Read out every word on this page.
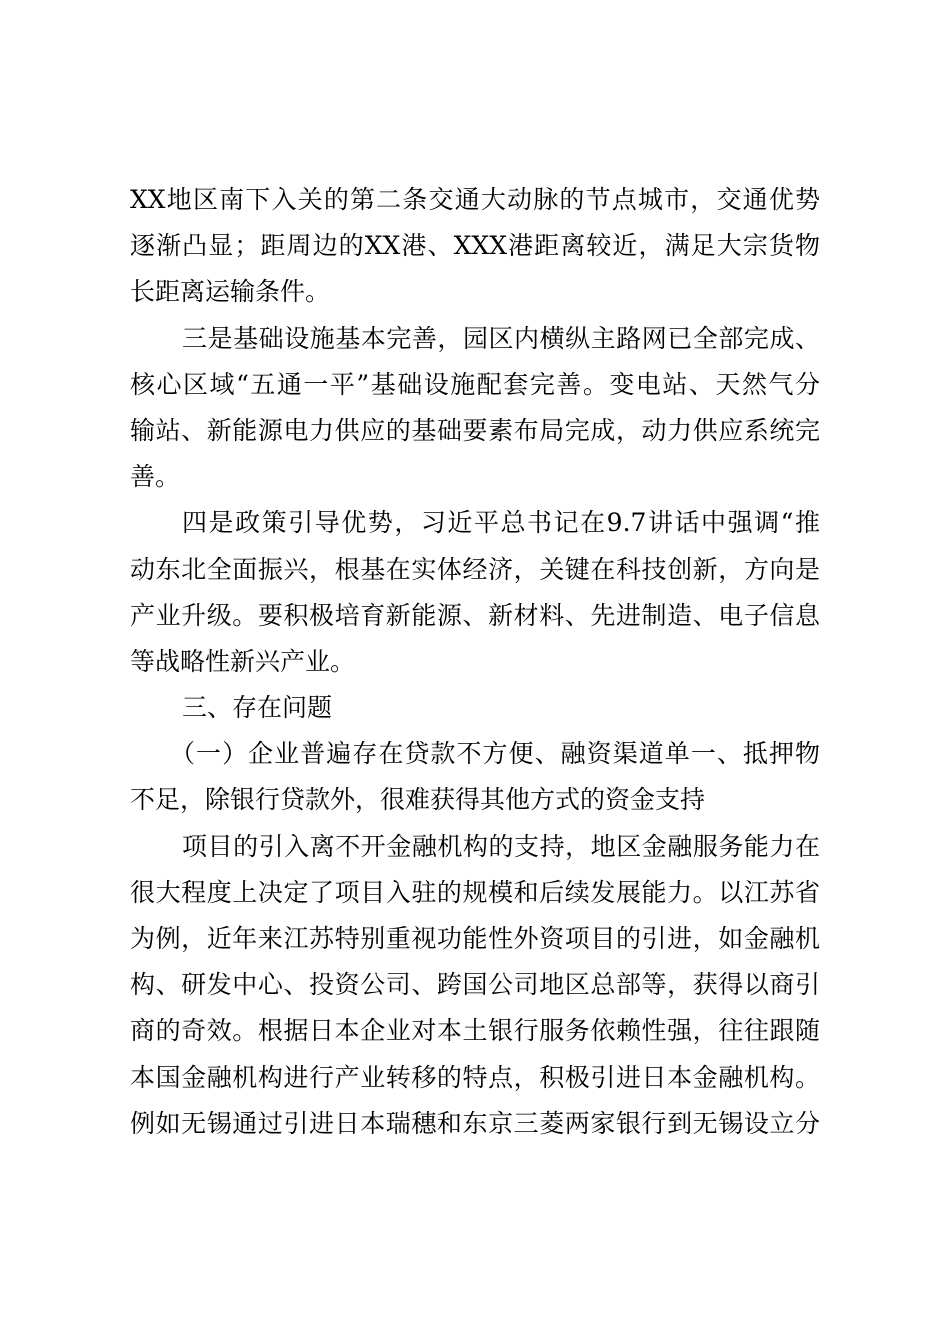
XX地区南下入关的第二条交通大动脉的节点城市，交通优势
逐渐凸显；距周边的XX港、XXX港距离较近，满足大宗货物
长距离运输条件。
三是基础设施基本完善，园区内横纵主路网已全部完成、
核心区域“五通一平”基础设施配套完善。变电站、天然气分
输站、新能源电力供应的基础要素布局完成，动力供应系统完
善。
四是政策引导优势，习近平总书记在9.7讲话中强调“推
动东北全面振兴，根基在实体经济，关键在科技创新，方向是
产业升级。要积极培育新能源、新材料、先进制造、电子信息
等战略性新兴产业。
三、存在问题
（一）企业普遍存在贷款不方便、融资渠道单一、抵押物
不足，除银行贷款外，很难获得其他方式的资金支持
项目的引入离不开金融机构的支持，地区金融服务能力在
很大程度上决定了项目入驻的规模和后续发展能力。以江苏省
为例，近年来江苏特别重视功能性外资项目的引进，如金融机
构、研发中心、投资公司、跨国公司地区总部等，获得以商引
商的奇效。根据日本企业对本土银行服务依赖性强，往往跟随
本国金融机构进行产业转移的特点，积极引进日本金融机构。
例如无锡通过引进日本瑞穗和东京三菱两家银行到无锡设立分
